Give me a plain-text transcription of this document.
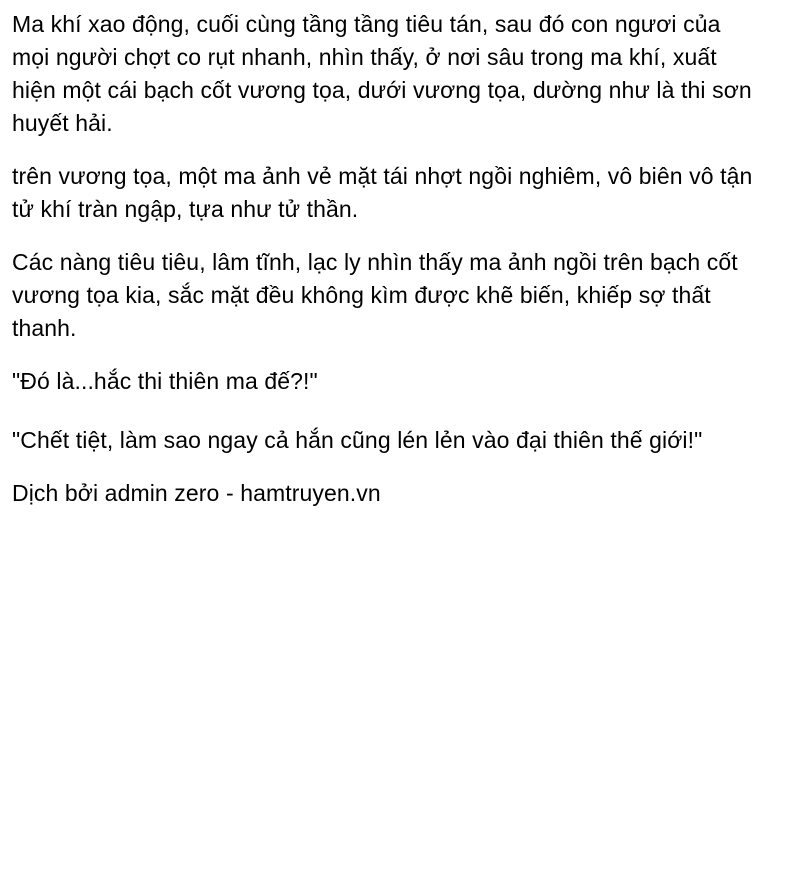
Ma khí xao động, cuối cùng tầng tầng tiêu tán, sau đó con ngươi của
mọi người chợt co rụt nhanh, nhìn thấy, ở nơi sâu trong ma khí, xuất
hiện một cái bạch cốt vương tọa, dưới vương tọa, dường như là thi sơn
huyết hải.
trên vương tọa, một ma ảnh vẻ mặt tái nhợt ngồi nghiêm, vô biên vô tận
tử khí tràn ngập, tựa như tử thần.
Các nàng tiêu tiêu, lâm tĩnh, lạc ly nhìn thấy ma ảnh ngồi trên bạch cốt
vương tọa kia, sắc mặt đều không kìm được khẽ biến, khiếp sợ thất
thanh.
"Đó là...hắc thi thiên ma đế?!"
"Chết tiệt, làm sao ngay cả hắn cũng lén lẻn vào đại thiên thế giới!"
Dịch bởi admin zero - hamtruyen.vn
